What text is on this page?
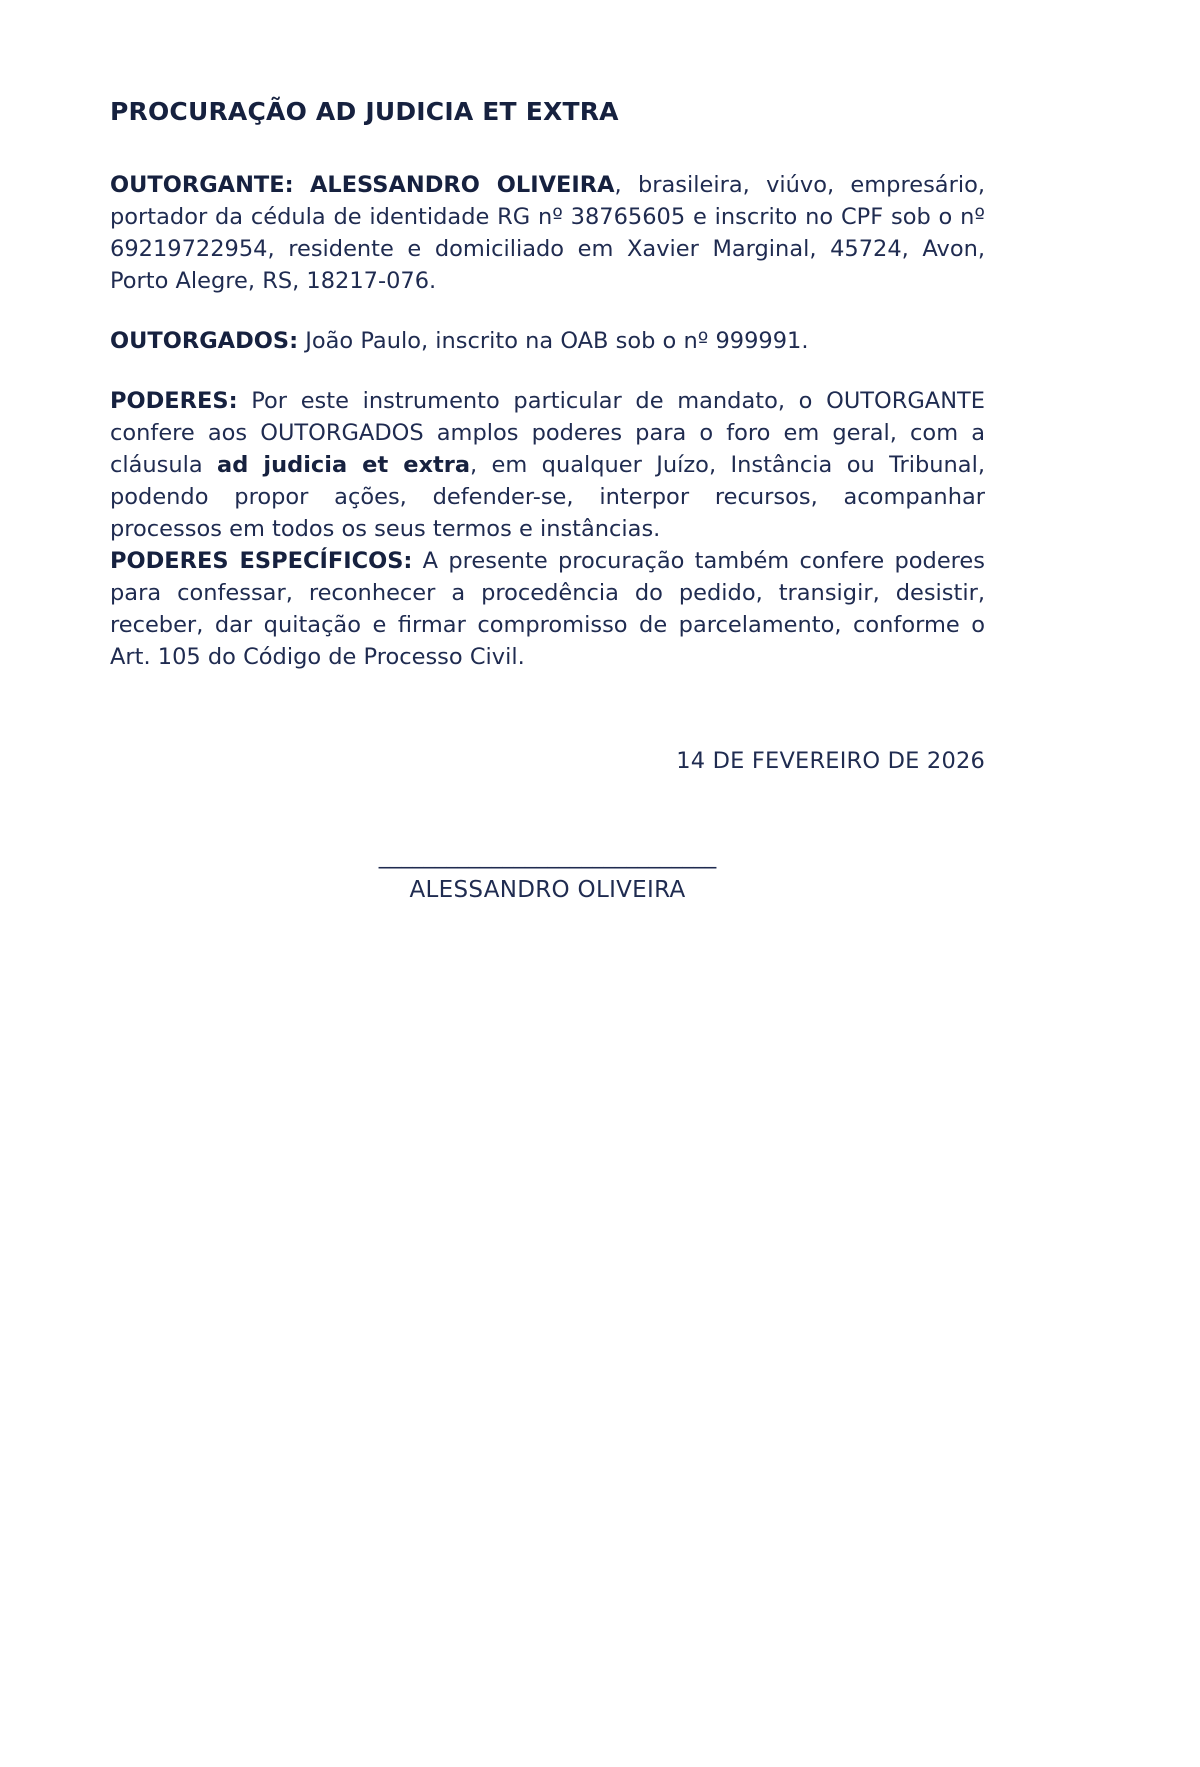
PROCURAÇÃO AD JUDICIA ET EXTRA

OUTORGANTE: ALESSANDRO OLIVEIRA, brasileira, viúvo, empresário, portador da cédula de identidade RG nº 38765605 e inscrito no CPF sob o nº 69219722954, residente e domiciliado em Xavier Marginal, 45724, Avon, Porto Alegre, RS, 18217-076.

OUTORGADOS: João Paulo, inscrito na OAB sob o nº 999991.

PODERES: Por este instrumento particular de mandato, o OUTORGANTE confere aos OUTORGADOS amplos poderes para o foro em geral, com a cláusula ad judicia et extra, em qualquer Juízo, Instância ou Tribunal, podendo propor ações, defender-se, interpor recursos, acompanhar processos em todos os seus termos e instâncias.

PODERES ESPECÍFICOS: A presente procuração também confere poderes para confessar, reconhecer a procedência do pedido, transigir, desistir, receber, dar quitação e firmar compromisso de parcelamento, conforme o Art. 105 do Código de Processo Civil.

14 DE FEVEREIRO DE 2026
______________________________
ALESSANDRO OLIVEIRA
